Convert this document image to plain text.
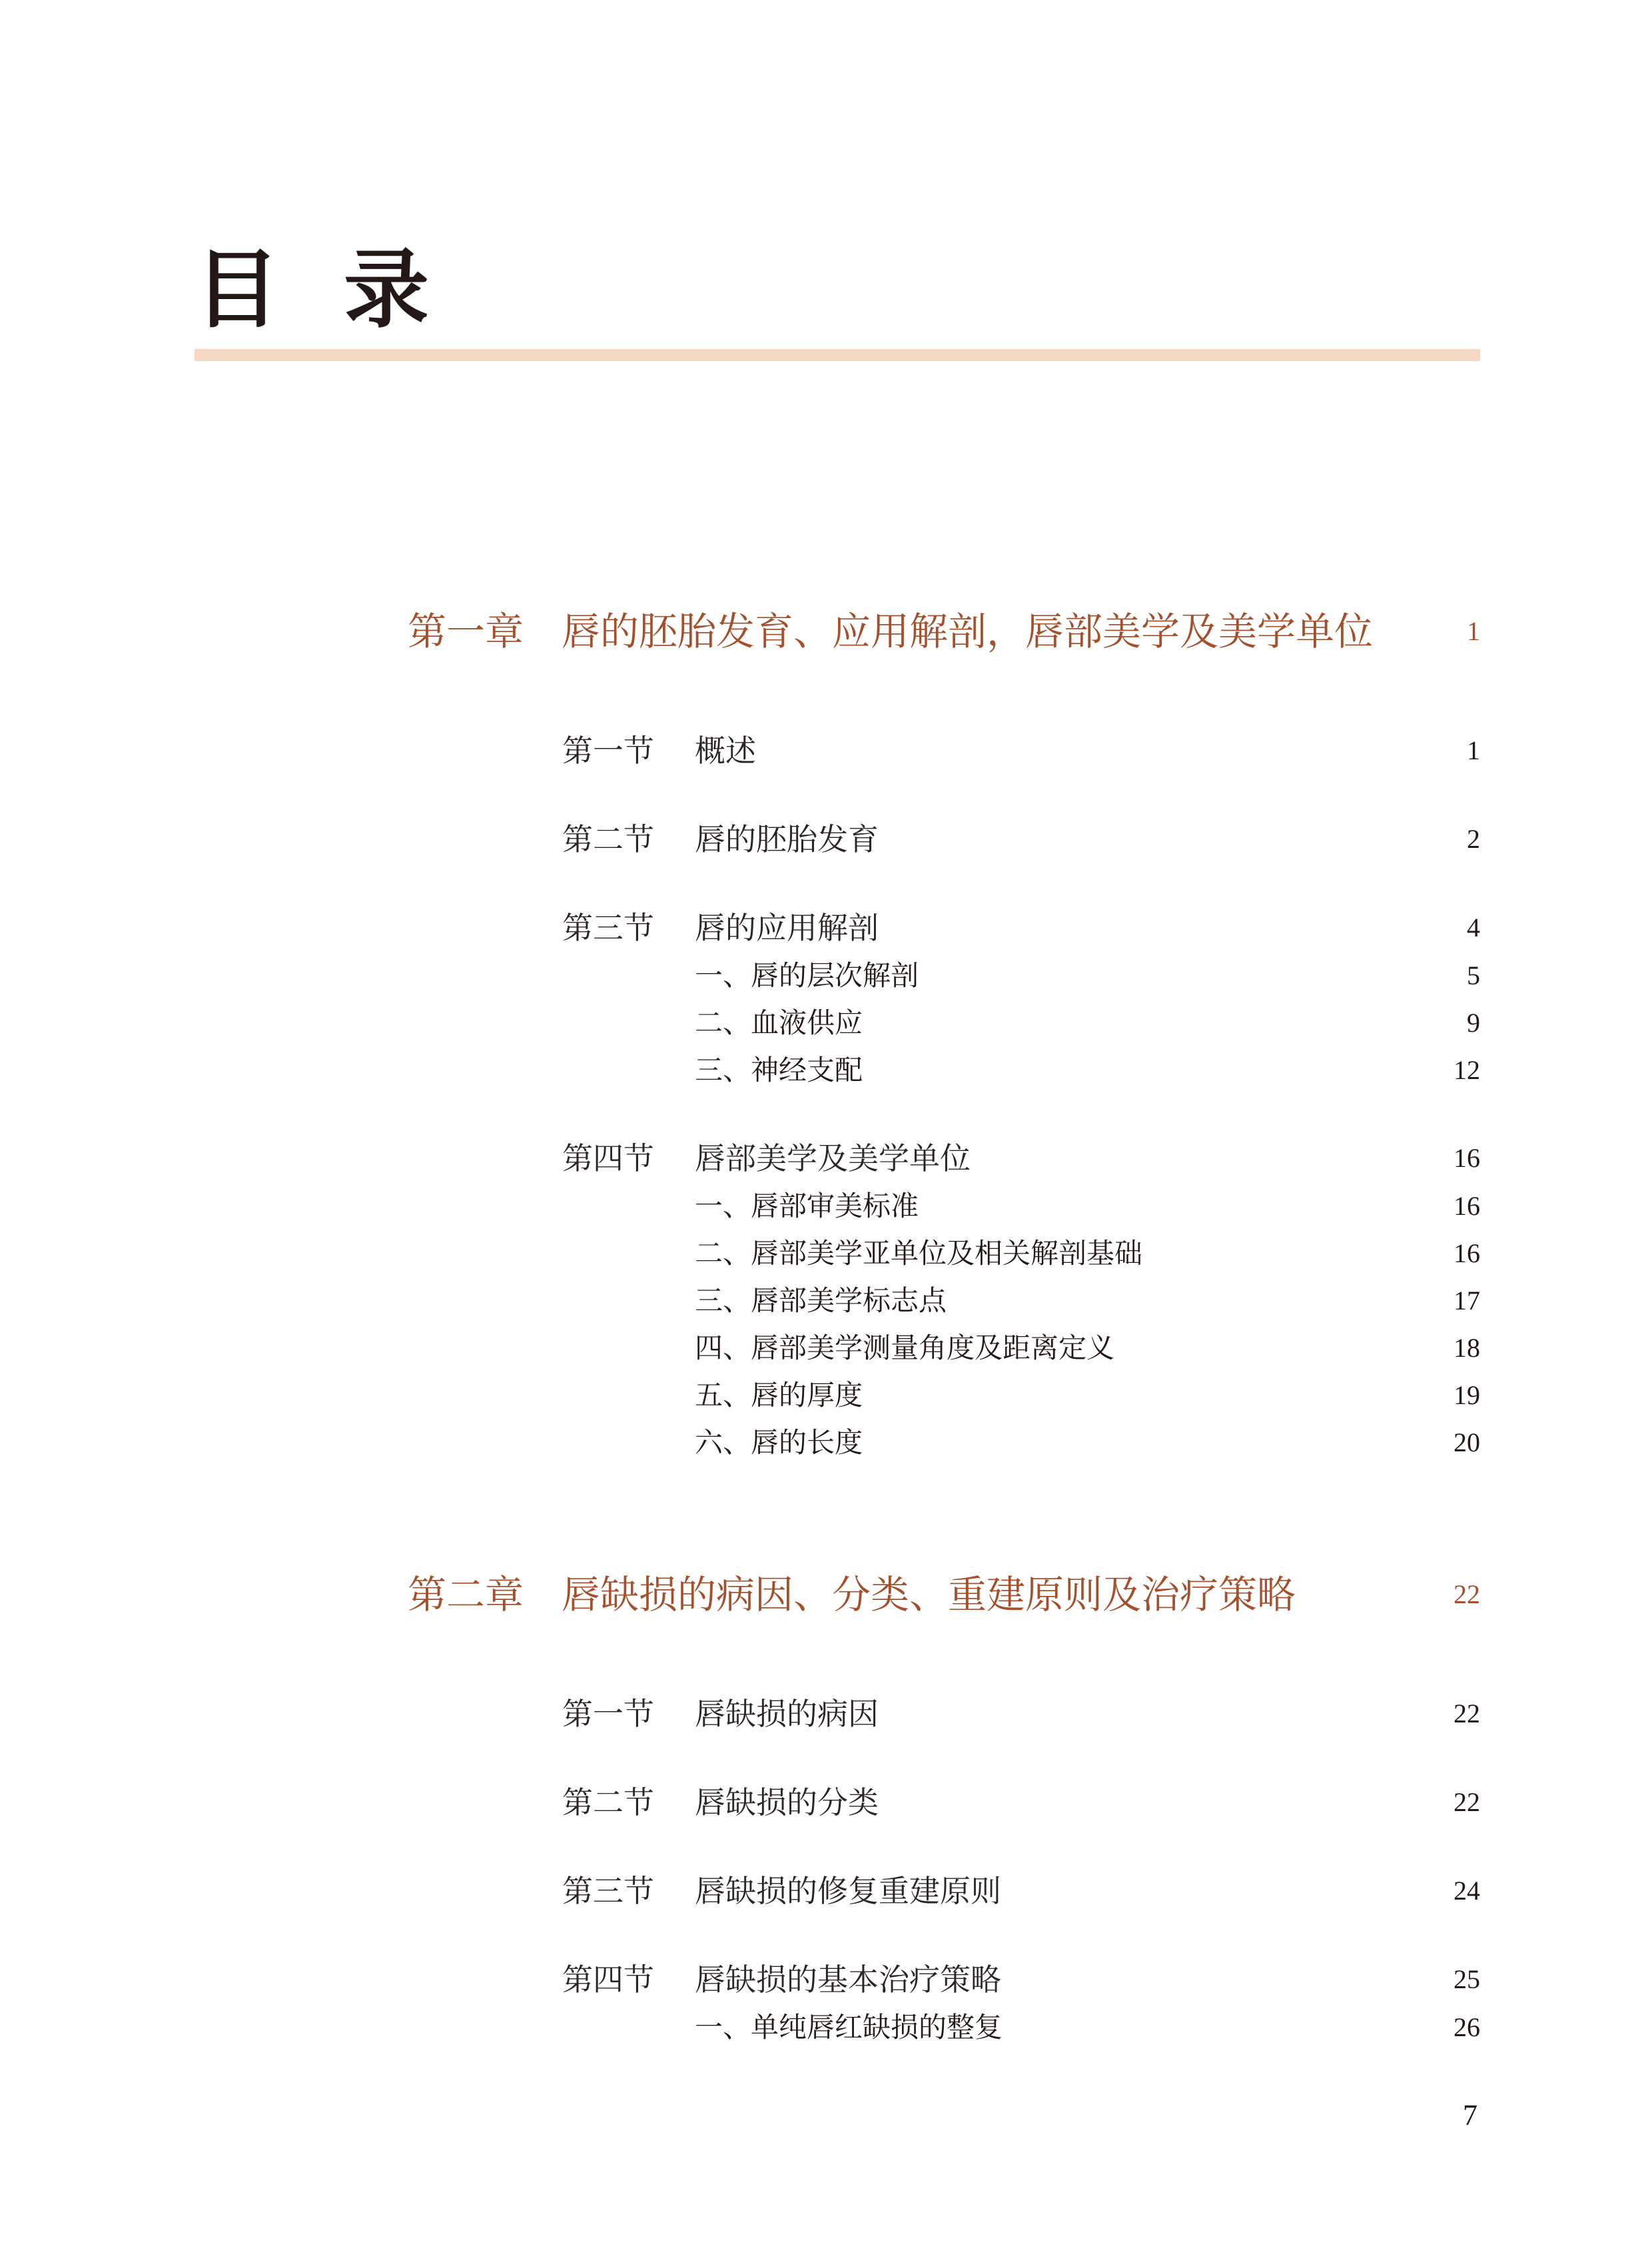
目录
第一章 唇的胚胎发育、应用解剖，唇部美学及美学单位	1
第一节 概述	1
第二节 唇的胚胎发育	2
第三节 唇的应用解剖	4
一、唇的层次解剖	5
二、血液供应	9
三、神经支配	12
第四节 唇部美学及美学单位	16
一、唇部审美标准	16
二、唇部美学亚单位及相关解剖基础	16
三、唇部美学标志点	17
四、唇部美学测量角度及距离定义	18
五、唇的厚度	19
六、唇的长度	20
第二章 唇缺损的病因、分类、重建原则及治疗策略	22
第一节 唇缺损的病因	22
第二节 唇缺损的分类	22
第三节 唇缺损的修复重建原则	24
第四节 唇缺损的基本治疗策略	25
一、单纯唇红缺损的整复	26
7
